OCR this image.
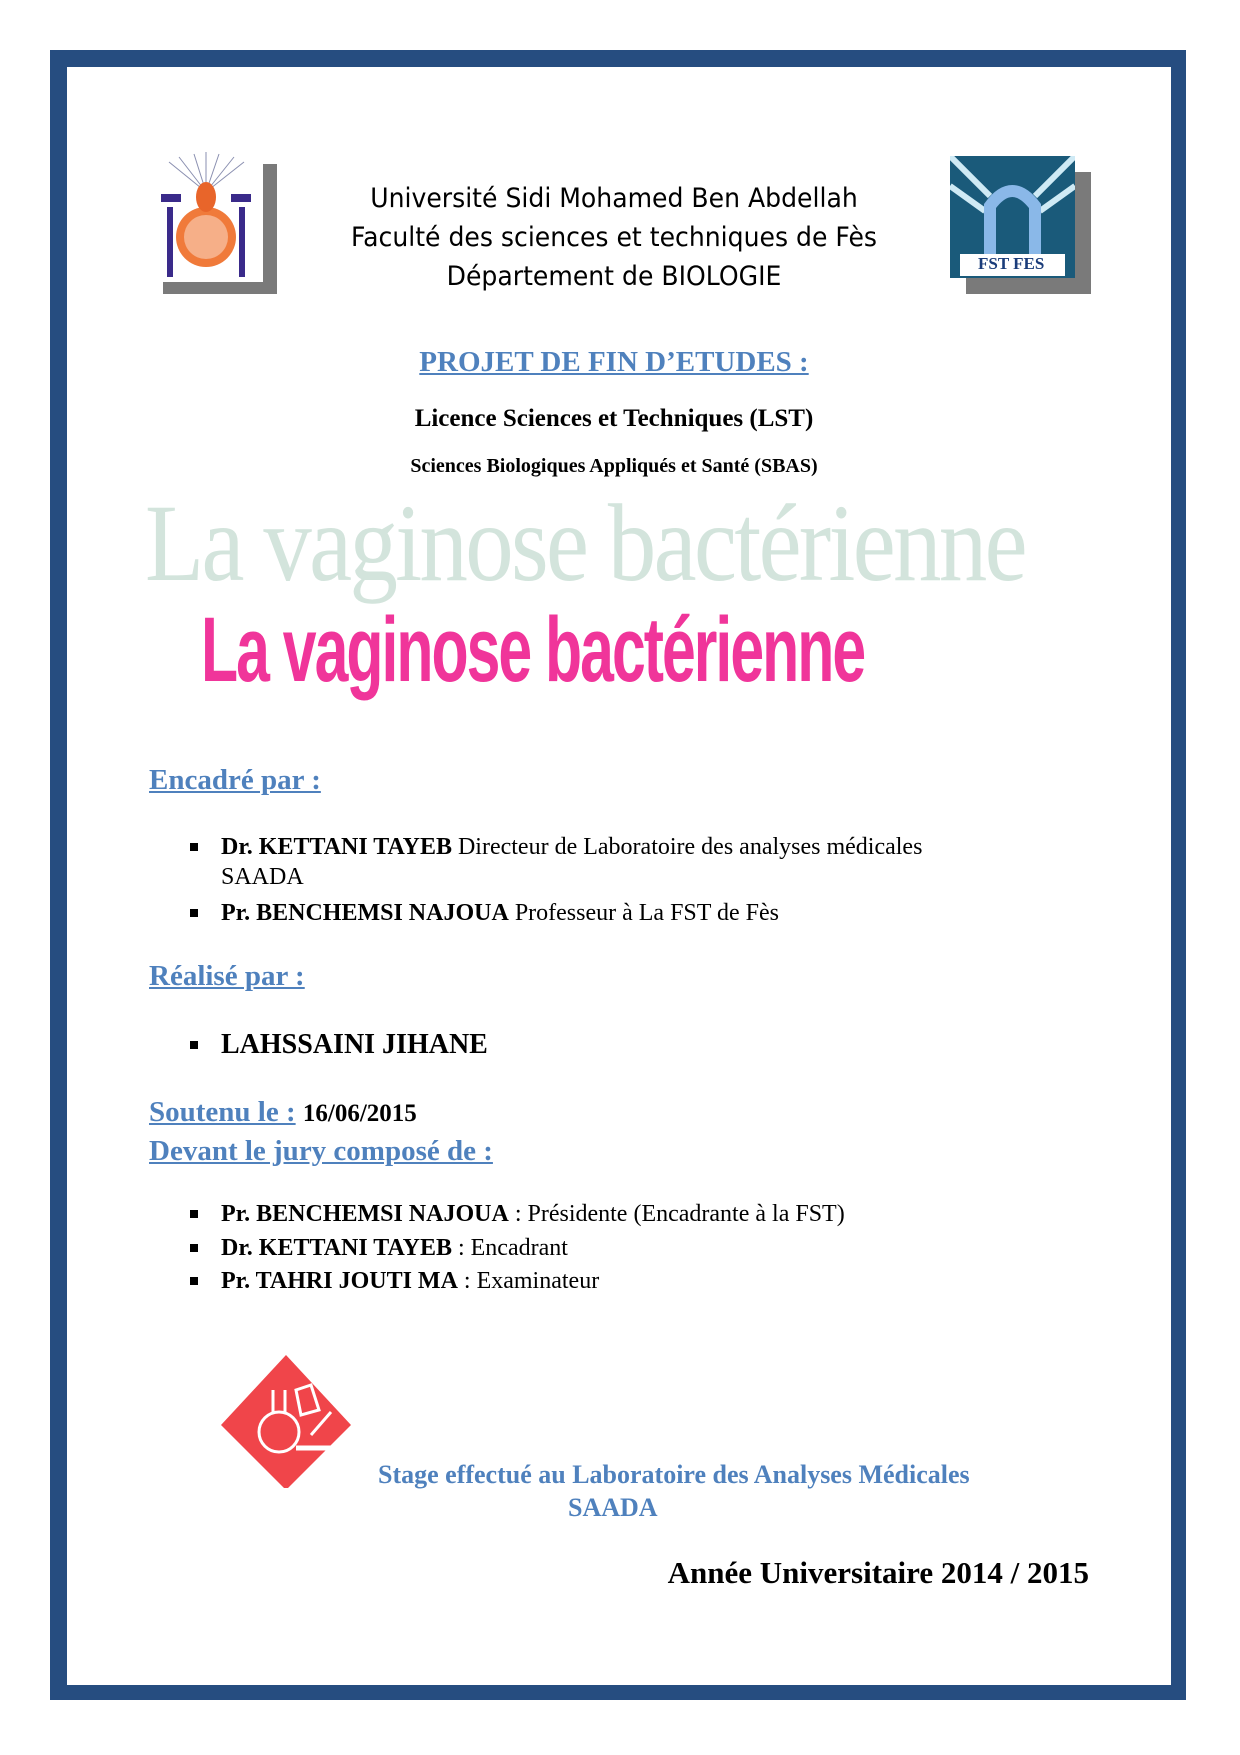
FST FES
Université Sidi Mohamed Ben Abdellah
Faculté des sciences et techniques de Fès
Département de BIOLOGIE
PROJET DE FIN D’ETUDES :
Licence Sciences et Techniques (LST)
Sciences Biologiques Appliqués et Santé (SBAS)
La vaginose bactérienne
La vaginose bactérienne
Encadré par :
Dr. KETTANI TAYEB Directeur de Laboratoire des analyses médicales
SAADA
Pr. BENCHEMSI NAJOUA Professeur à La FST de Fès
Réalisé par :
LAHSSAINI JIHANE
Soutenu le : 16/06/2015
Devant le jury composé de :
Pr. BENCHEMSI NAJOUA : Présidente (Encadrante à la FST)
Dr. KETTANI TAYEB : Encadrant
Pr. TAHRI JOUTI MA : Examinateur
Stage effectué au Laboratoire des Analyses Médicales
SAADA
Année Universitaire 2014 / 2015
